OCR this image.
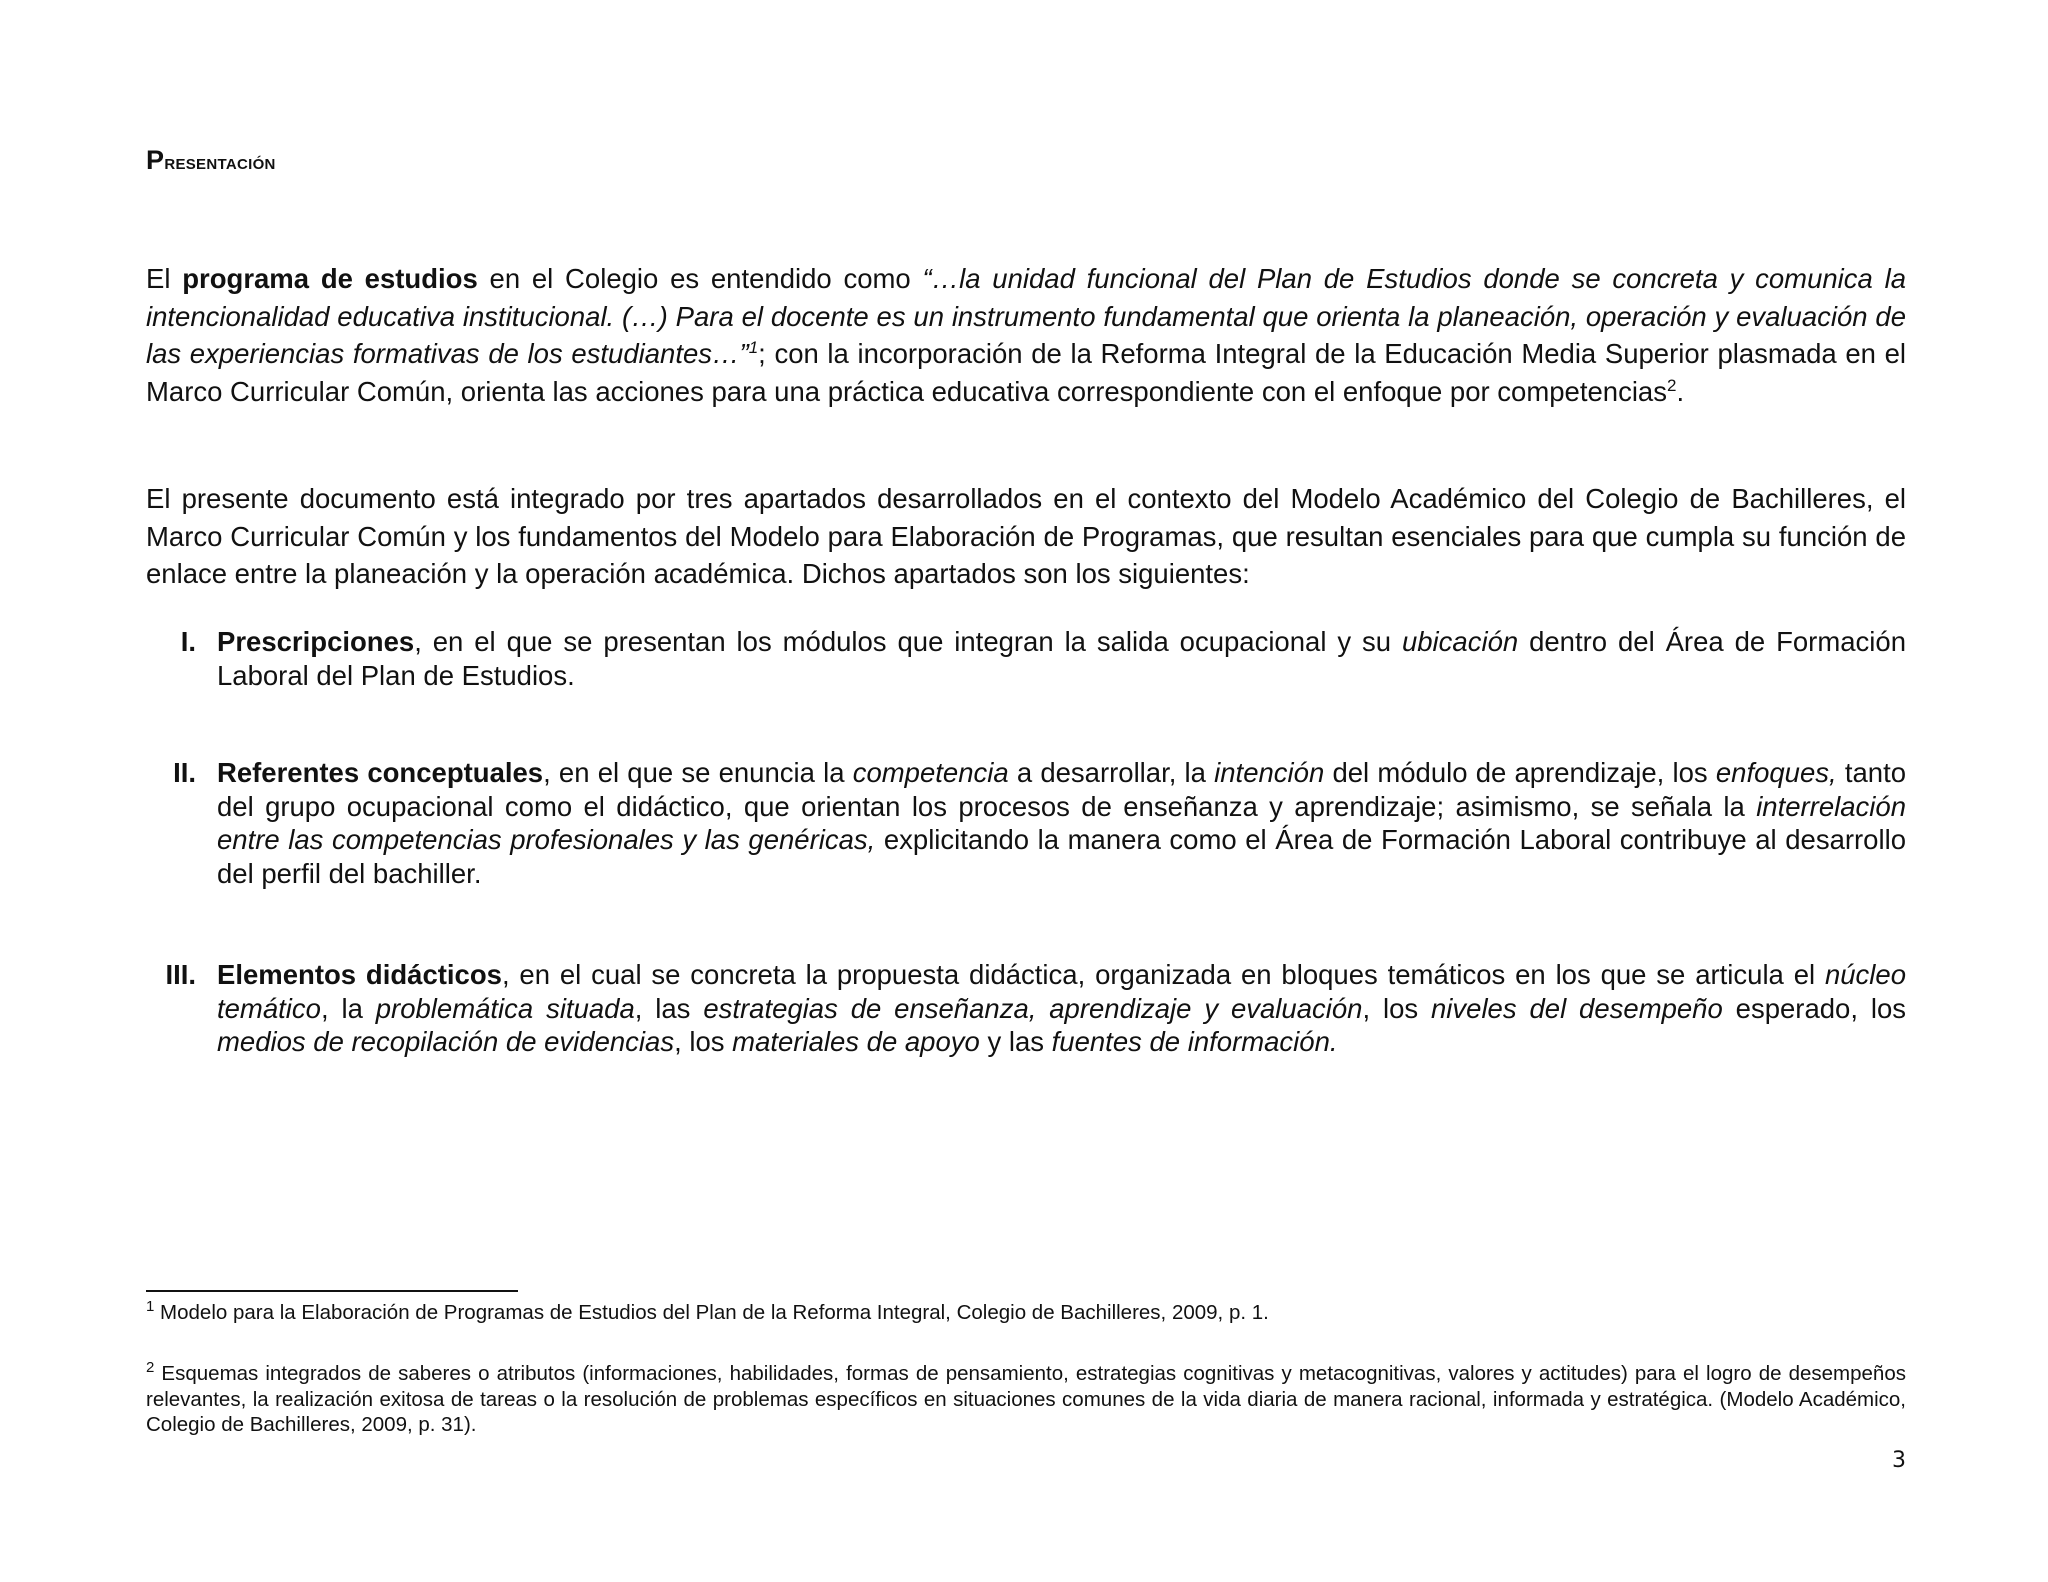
Presentación
El programa de estudios en el Colegio es entendido como “…la unidad funcional del Plan de Estudios donde se concreta y comunica la intencionalidad educativa institucional. (…) Para el docente es un instrumento fundamental que orienta la planeación, operación y evaluación de las experiencias formativas de los estudiantes…”$^1$; con la incorporación de la Reforma Integral de la Educación Media Superior plasmada en el Marco Curricular Común, orienta las acciones para una práctica educativa correspondiente con el enfoque por competencias$^2$.
El presente documento está integrado por tres apartados desarrollados en el contexto del Modelo Académico del Colegio de Bachilleres, el Marco Curricular Común y los fundamentos del Modelo para Elaboración de Programas, que resultan esenciales para que cumpla su función de enlace entre la planeación y la operación académica. Dichos apartados son los siguientes:
I. Prescripciones, en el que se presentan los módulos que integran la salida ocupacional y su ubicación dentro del Área de Formación Laboral del Plan de Estudios.
II. Referentes conceptuales, en el que se enuncia la competencia a desarrollar, la intención del módulo de aprendizaje, los enfoques, tanto del grupo ocupacional como el didáctico, que orientan los procesos de enseñanza y aprendizaje; asimismo, se señala la interrelación entre las competencias profesionales y las genéricas, explicitando la manera como el Área de Formación Laboral contribuye al desarrollo del perfil del bachiller.
III. Elementos didácticos, en el cual se concreta la propuesta didáctica, organizada en bloques temáticos en los que se articula el núcleo temático, la problemática situada, las estrategias de enseñanza, aprendizaje y evaluación, los niveles del desempeño esperado, los medios de recopilación de evidencias, los materiales de apoyo y las fuentes de información.
$^1$ Modelo para la Elaboración de Programas de Estudios del Plan de la Reforma Integral, Colegio de Bachilleres, 2009, p. 1.
$^2$ Esquemas integrados de saberes o atributos (informaciones, habilidades, formas de pensamiento, estrategias cognitivas y metacognitivas, valores y actitudes) para el logro de desempeños relevantes, la realización exitosa de tareas o la resolución de problemas específicos en situaciones comunes de la vida diaria de manera racional, informada y estratégica. (Modelo Académico, Colegio de Bachilleres, 2009, p. 31).
3
